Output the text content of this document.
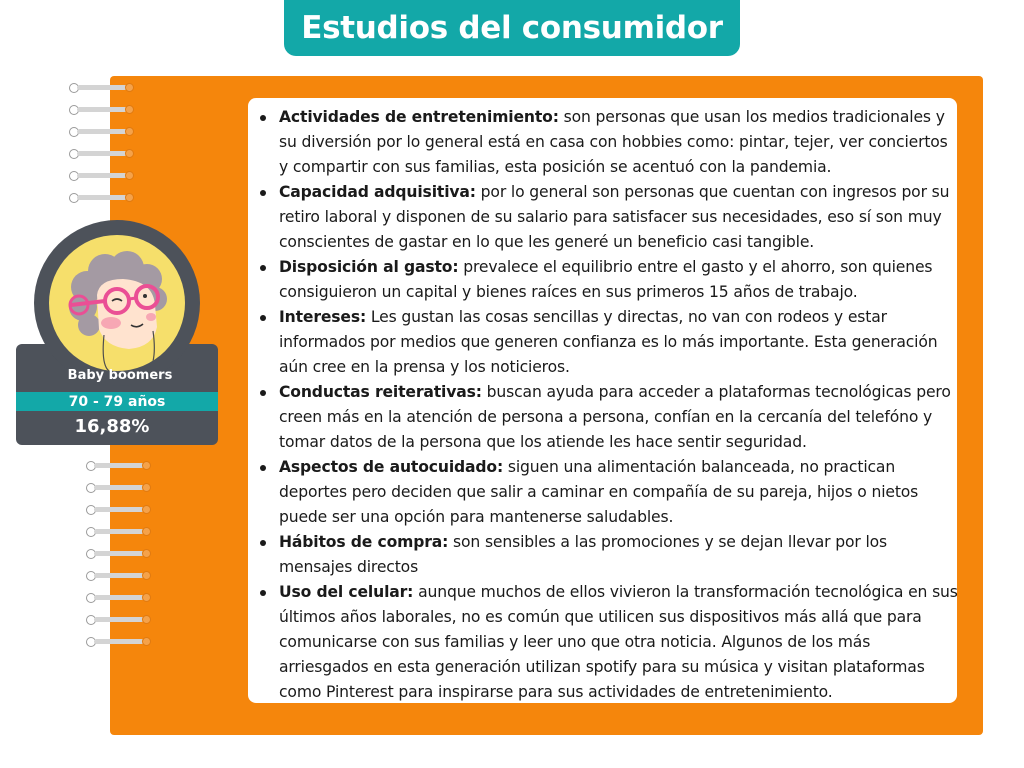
Estudios del consumidor
Actividades de entretenimiento: son personas que usan los medios tradicionales y su diversión por lo general está en casa con hobbies como: pintar, tejer, ver conciertos y compartir con sus familias, esta posición se acentuó con la pandemia.
Capacidad adquisitiva: por lo general son personas que cuentan con ingresos por su retiro laboral y disponen de su salario para satisfacer sus necesidades, eso sí son muy conscientes de gastar en lo que les generé un beneficio casi tangible.
Disposición al gasto: prevalece el equilibrio entre el gasto y el ahorro, son quienes consiguieron un capital y bienes raíces en sus primeros 15 años de trabajo.
Intereses: Les gustan las cosas sencillas y directas, no van con rodeos y estar informados por medios que generen confianza es lo más importante. Esta generación aún cree en la prensa y los noticieros.
Conductas reiterativas: buscan ayuda para acceder a plataformas tecnológicas pero creen más en la atención de persona a persona, confían en la cercanía del telefóno y tomar datos de la persona que los atiende les hace sentir seguridad.
Aspectos de autocuidado: siguen una alimentación balanceada, no practican deportes pero deciden que salir a caminar en compañía de su pareja, hijos o nietos puede ser una opción para mantenerse saludables.
Hábitos de compra: son sensibles a las promociones y se dejan llevar por los mensajes directos
Uso del celular: aunque muchos de ellos vivieron la transformación tecnológica en sus últimos años laborales, no es común que utilicen sus dispositivos más allá que para comunicarse con sus familias y leer uno que otra noticia. Algunos de los más arriesgados en esta generación utilizan spotify para su música y visitan plataformas como Pinterest para inspirarse para sus actividades de entretenimiento.
Baby boomers
70 - 79 años
16,88%
